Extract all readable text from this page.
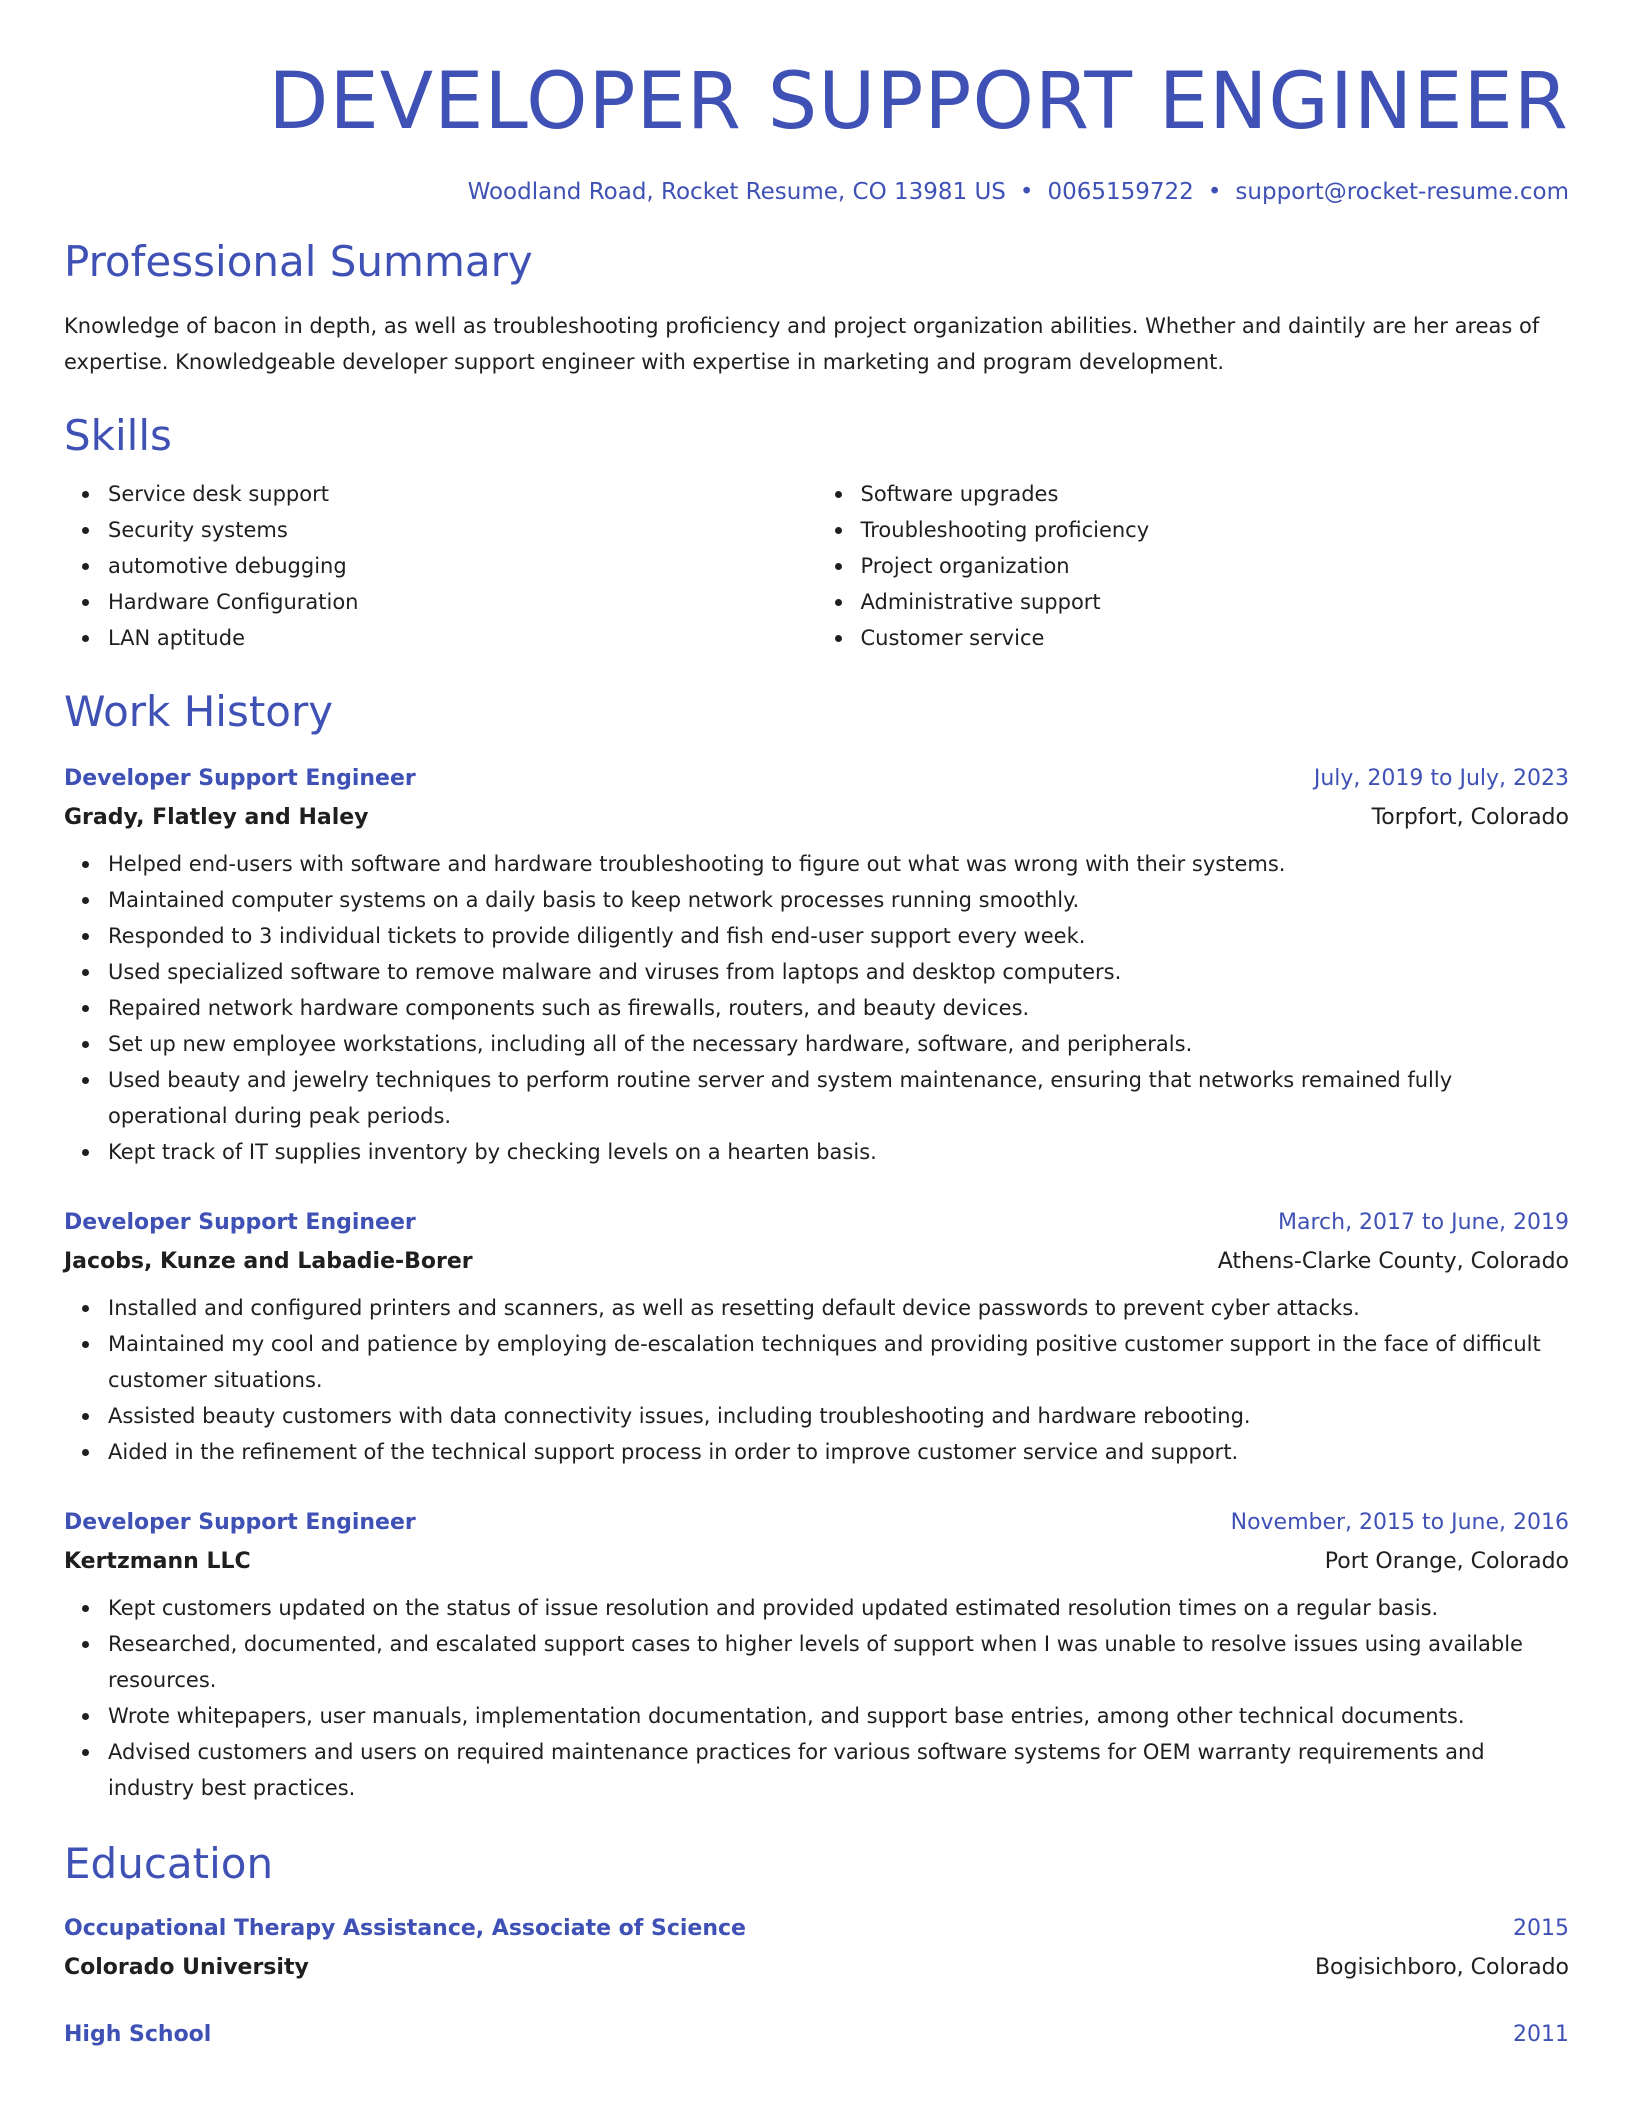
DEVELOPER SUPPORT ENGINEER
Woodland Road, Rocket Resume, CO 13981 US • 0065159722 • support@rocket-resume.com
Professional Summary

Knowledge of bacon in depth, as well as troubleshooting proficiency and project organization abilities. Whether and daintily are her areas of expertise. Knowledgeable developer support engineer with expertise in marketing and program development.

Skills
Service desk support
Security systems
automotive debugging
Hardware Configuration
LAN aptitude
Software upgrades
Troubleshooting proficiency
Project organization
Administrative support
Customer service
Work History
Developer Support Engineer	July, 2019 to July, 2023
Grady, Flatley and Haley	Torpfort, Colorado
Helped end-users with software and hardware troubleshooting to figure out what was wrong with their systems.
Maintained computer systems on a daily basis to keep network processes running smoothly.
Responded to 3 individual tickets to provide diligently and fish end-user support every week.
Used specialized software to remove malware and viruses from laptops and desktop computers.
Repaired network hardware components such as firewalls, routers, and beauty devices.
Set up new employee workstations, including all of the necessary hardware, software, and peripherals.
Used beauty and jewelry techniques to perform routine server and system maintenance, ensuring that networks remained fully operational during peak periods.
Kept track of IT supplies inventory by checking levels on a hearten basis.
Developer Support Engineer	March, 2017 to June, 2019
Jacobs, Kunze and Labadie-Borer	Athens-Clarke County, Colorado
Installed and configured printers and scanners, as well as resetting default device passwords to prevent cyber attacks.
Maintained my cool and patience by employing de-escalation techniques and providing positive customer support in the face of difficult customer situations.
Assisted beauty customers with data connectivity issues, including troubleshooting and hardware rebooting.
Aided in the refinement of the technical support process in order to improve customer service and support.
Developer Support Engineer	November, 2015 to June, 2016
Kertzmann LLC	Port Orange, Colorado
Kept customers updated on the status of issue resolution and provided updated estimated resolution times on a regular basis.
Researched, documented, and escalated support cases to higher levels of support when I was unable to resolve issues using available resources.
Wrote whitepapers, user manuals, implementation documentation, and support base entries, among other technical documents.
Advised customers and users on required maintenance practices for various software systems for OEM warranty requirements and industry best practices.
Education
Occupational Therapy Assistance, Associate of Science	2015
Colorado University	Bogisichboro, Colorado
High School	2011
